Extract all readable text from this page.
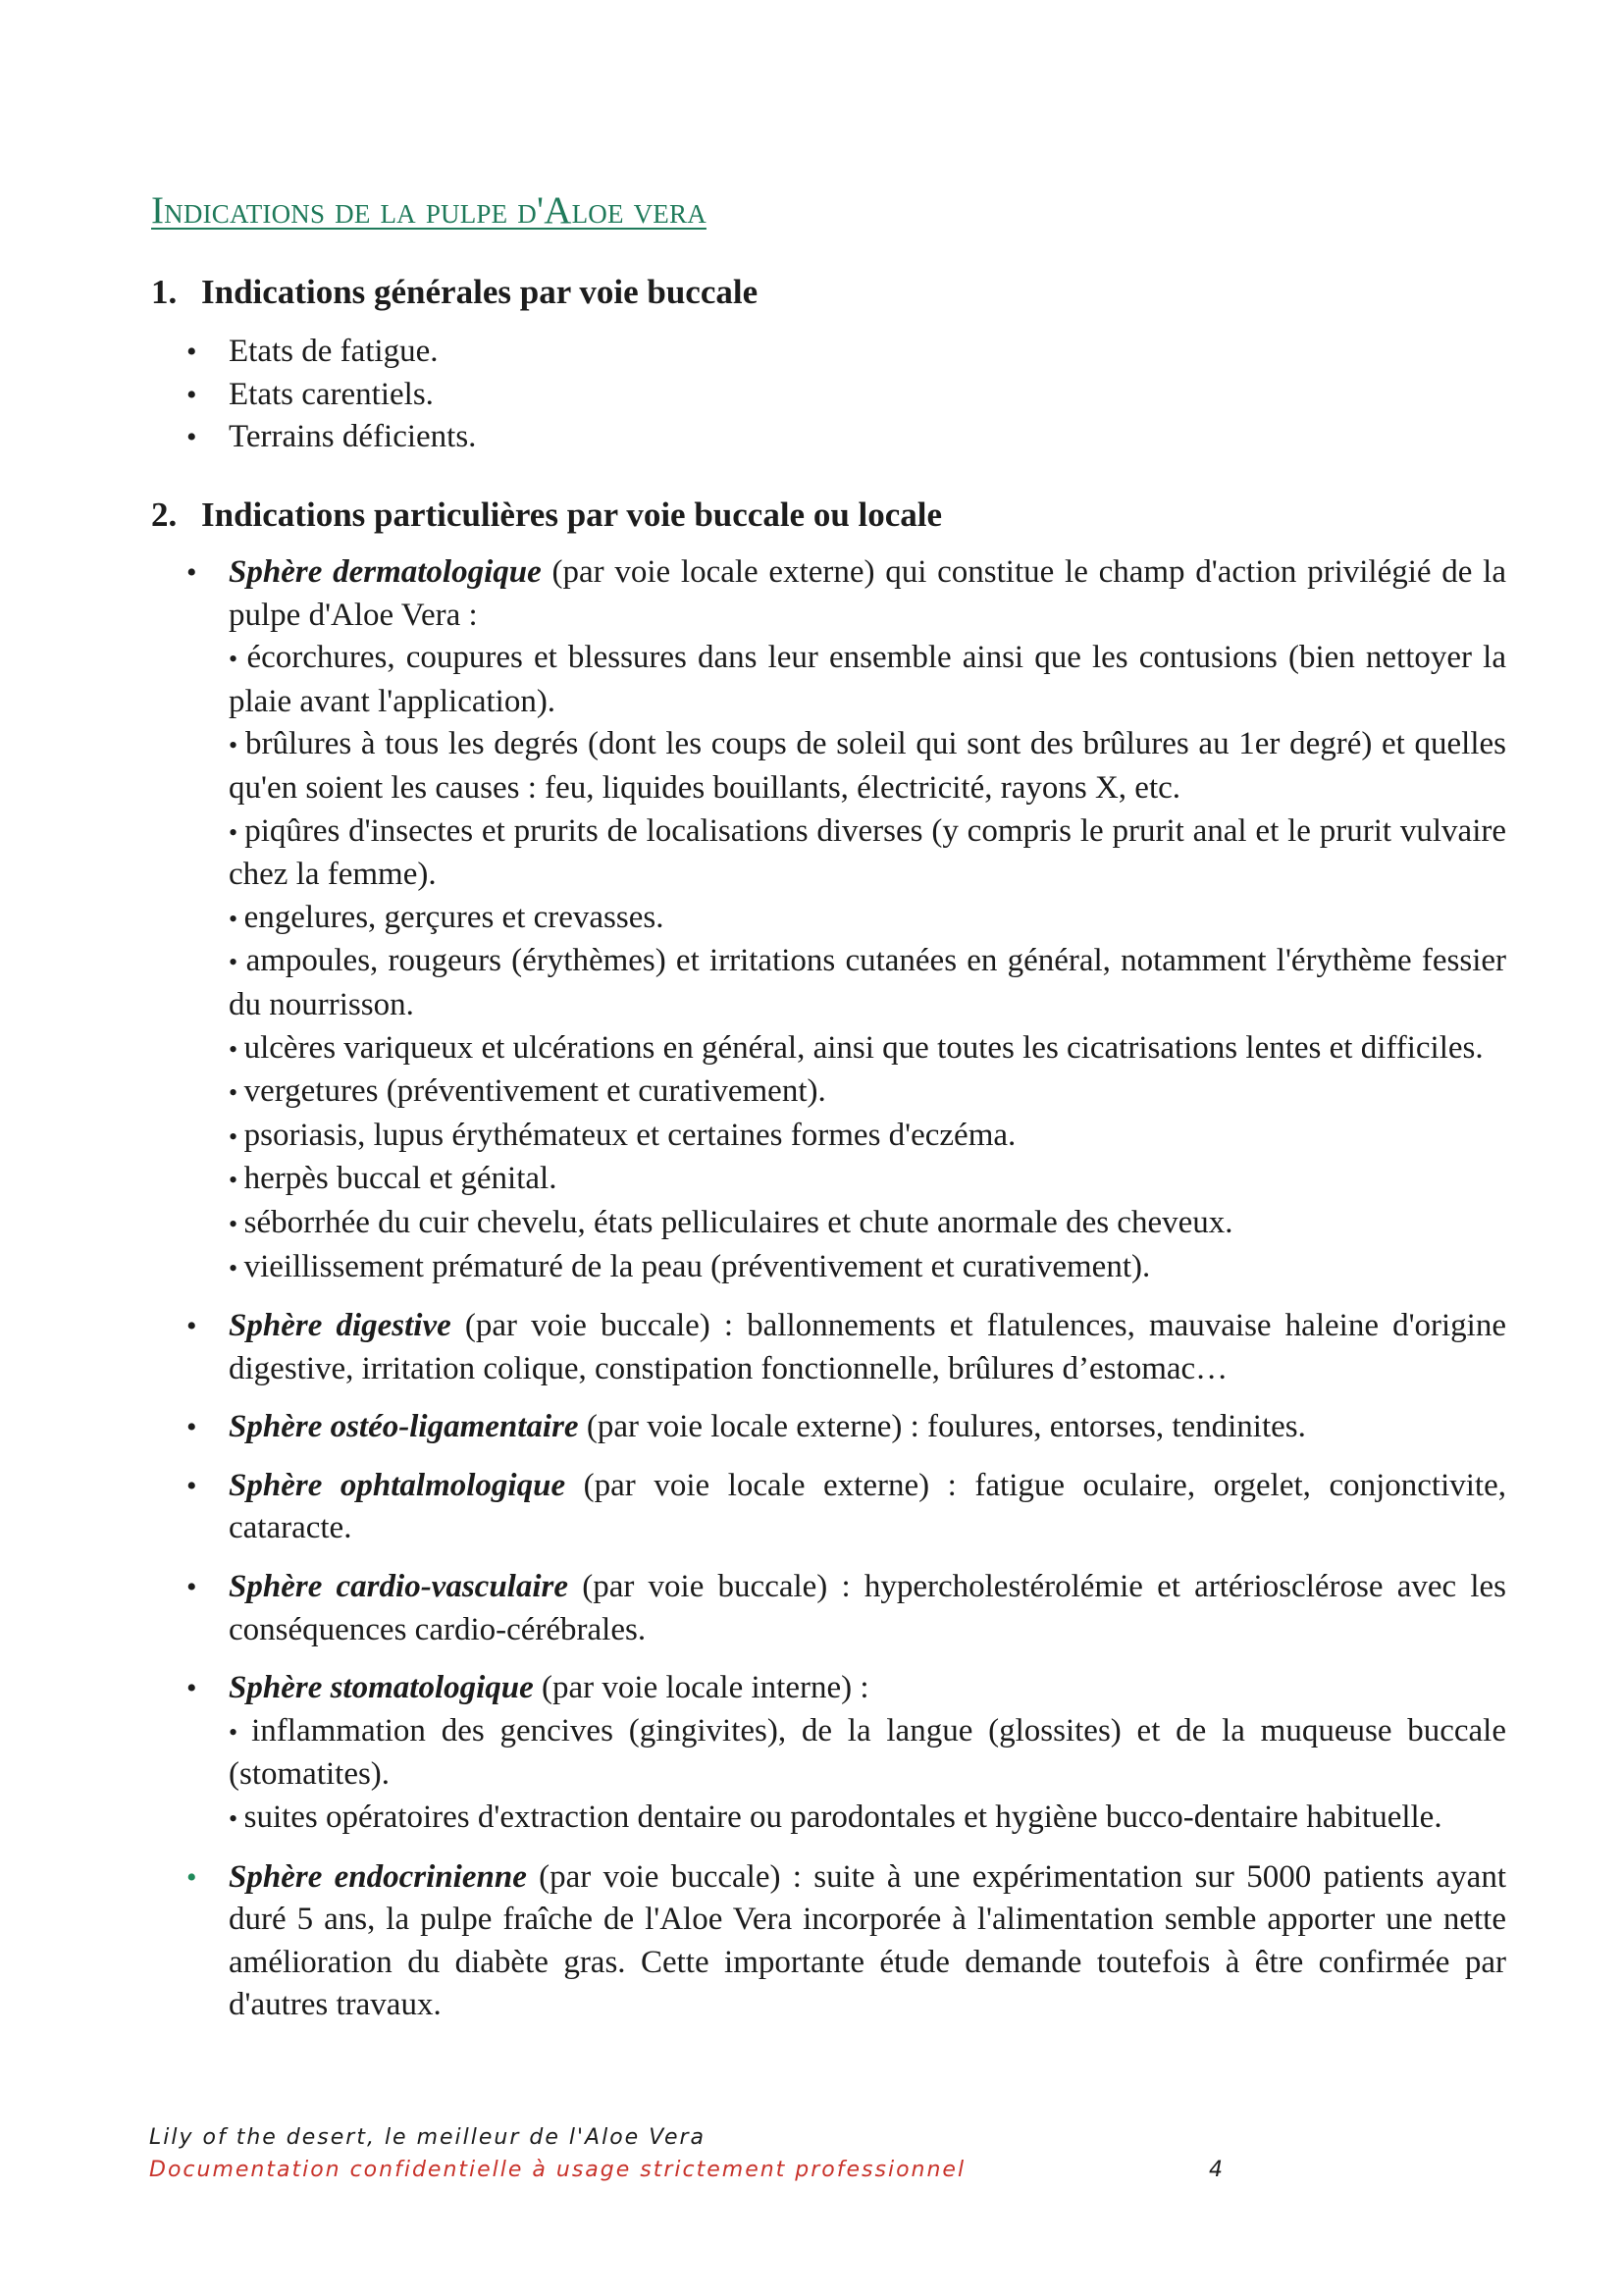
Indications de la pulpe d'Aloe vera
1. Indications générales par voie buccale
• Etats de fatigue.
• Etats carentiels.
• Terrains déficients.
2. Indications particulières par voie buccale ou locale
• Sphère dermatologique (par voie locale externe) qui constitue le champ d'action privilégié de la pulpe d'Aloe Vera :
• écorchures, coupures et blessures dans leur ensemble ainsi que les contusions (bien nettoyer la plaie avant l'application).
• brûlures à tous les degrés (dont les coups de soleil qui sont des brûlures au 1er degré) et quelles qu'en soient les causes : feu, liquides bouillants, électricité, rayons X, etc.
• piqûres d'insectes et prurits de localisations diverses (y compris le prurit anal et le prurit vulvaire chez la femme).
• engelures, gerçures et crevasses.
• ampoules, rougeurs (érythèmes) et irritations cutanées en général, notamment l'érythème fessier du nourrisson.
• ulcères variqueux et ulcérations en général, ainsi que toutes les cicatrisations lentes et difficiles.
• vergetures (préventivement et curativement).
• psoriasis, lupus érythémateux et certaines formes d'eczéma.
• herpès buccal et génital.
• séborrhée du cuir chevelu, états pelliculaires et chute anormale des cheveux.
• vieillissement prématuré de la peau (préventivement et curativement).
• Sphère digestive (par voie buccale) : ballonnements et flatulences, mauvaise haleine d'origine digestive, irritation colique, constipation fonctionnelle, brûlures d’estomac…
• Sphère ostéo-ligamentaire (par voie locale externe) : foulures, entorses, tendinites.
• Sphère ophtalmologique (par voie locale externe) : fatigue oculaire, orgelet, conjonctivite, cataracte.
• Sphère cardio-vasculaire (par voie buccale) : hypercholestérolémie et artériosclérose avec les conséquences cardio-cérébrales.
• Sphère stomatologique (par voie locale interne) :
• inflammation des gencives (gingivites), de la langue (glossites) et de la muqueuse buccale (stomatites).
• suites opératoires d'extraction dentaire ou parodontales et hygiène bucco-dentaire habituelle.
• Sphère endocrinienne (par voie buccale) : suite à une expérimentation sur 5000 patients ayant duré 5 ans, la pulpe fraîche de l'Aloe Vera incorporée à l'alimentation semble apporter une nette amélioration du diabète gras. Cette importante étude demande toutefois à être confirmée par d'autres travaux.

Lily of the desert, le meilleur de l'Aloe Vera

Documentation confidentielle à usage strictement professionnel	4
